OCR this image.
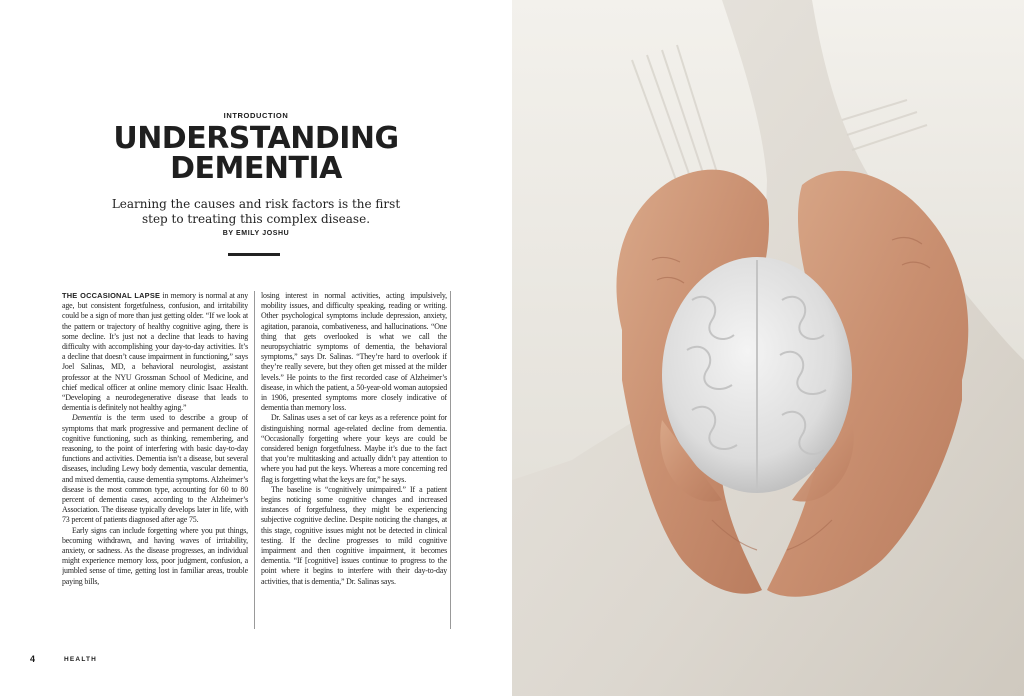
INTRODUCTION
UNDERSTANDING
DEMENTIA
Learning the causes and risk factors is the first step to treating this complex disease.
BY EMILY JOSHU

THE OCCASIONAL LAPSE in memory is normal at any age, but consistent forgetfulness, confusion, and irritability could be a sign of more than just getting older. “If we look at the pattern or trajectory of healthy cognitive aging, there is some decline. It’s just not a decline that leads to having difficulty with accomplishing your day-to-day activities. It’s a decline that doesn’t cause impairment in functioning,” says Joel Salinas, MD, a behavioral neurologist, assistant professor at the NYU Grossman School of Medicine, and chief medical officer at online memory clinic Isaac Health. “Developing a neurodegenerative disease that leads to dementia is definitely not healthy aging.”

Dementia is the term used to describe a group of symptoms that mark progressive and permanent decline of cognitive functioning, such as thinking, remembering, and reasoning, to the point of interfering with basic day-to-day functions and activities. Dementia isn’t a disease, but several diseases, including Lewy body dementia, vascular dementia, and mixed dementia, cause dementia symptoms. Alzheimer’s disease is the most common type, accounting for 60 to 80 percent of dementia cases, according to the Alzheimer’s Association. The disease typically develops later in life, with 73 percent of patients diagnosed after age 75.

Early signs can include forgetting where you put things, becoming withdrawn, and having waves of irritability, anxiety, or sadness. As the disease progresses, an individual might experience memory loss, poor judgment, confusion, a jumbled sense of time, getting lost in familiar areas, trouble paying bills,

losing interest in normal activities, acting impulsively, mobility issues, and difficulty speaking, reading or writing. Other psychological symptoms include depression, anxiety, agitation, paranoia, combativeness, and hallucinations. “One thing that gets overlooked is what we call the neuropsychiatric symptoms of dementia, the behavioral symptoms,” says Dr. Salinas. “They’re hard to overlook if they’re really severe, but they often get missed at the milder levels.” He points to the first recorded case of Alzheimer’s disease, in which the patient, a 50-year-old woman autopsied in 1906, presented symptoms more closely indicative of dementia than memory loss.

Dr. Salinas uses a set of car keys as a reference point for distinguishing normal age-related decline from dementia. “Occasionally forgetting where your keys are could be considered benign forgetfulness. Maybe it’s due to the fact that you’re multitasking and actually didn’t pay attention to where you had put the keys. Whereas a more concerning red flag is forgetting what the keys are for,” he says.

The baseline is “cognitively unimpaired.” If a patient begins noticing some cognitive changes and increased instances of forgetfulness, they might be experiencing subjective cognitive decline. Despite noticing the changes, at this stage, cognitive issues might not be detected in clinical testing. If the decline progresses to mild cognitive impairment and then cognitive impairment, it becomes dementia. “If [cognitive] issues continue to progress to the point where it begins to interfere with their day-to-day activities, that is dementia,” Dr. Salinas says.

4	HEALTH
